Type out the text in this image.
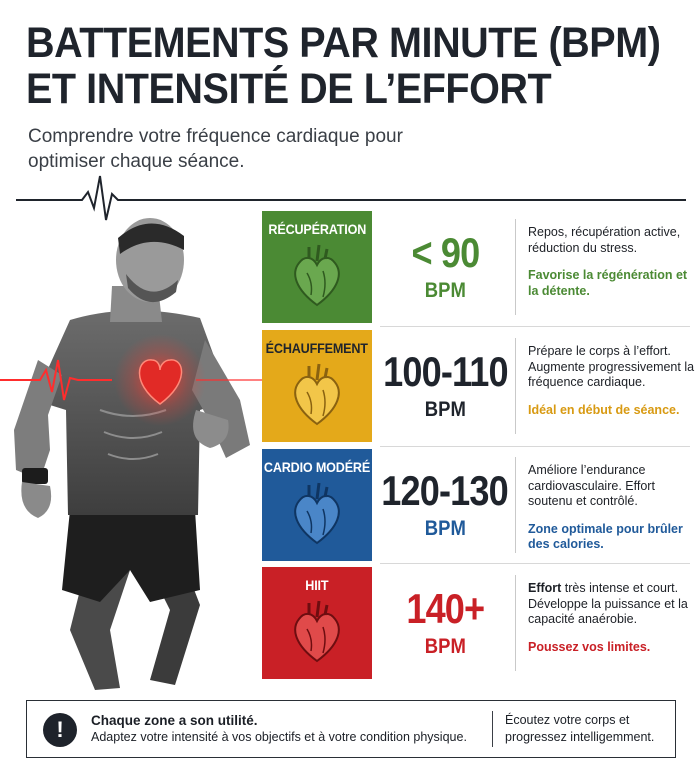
BATTEMENTS PAR MINUTE (BPM)
ET INTENSITÉ DE L’EFFORT
Comprendre votre fréquence cardiaque pour optimiser chaque séance.
RÉCUPÉRATION < 90
BPM
Repos, récupération active, réduction du stress.
Favorise la régénération et la détente.
ÉCHAUFFEMENT 100-110
BPM
Prépare le corps à l’effort. Augmente progressivement la fréquence cardiaque.
Idéal en début de séance.
CARDIO MODÉRÉ 120-130
BPM
Améliore l’endurance cardiovasculaire. Effort soutenu et contrôlé.
Zone optimale pour brûler des calories.
HIIT 140+
BPM
Effort très intense et court. Développe la puissance et la capacité anaérobie.
Poussez vos limites.
!	Chaque zone a son utilité.
Adaptez votre intensité à vos objectifs et à votre condition physique.
Écoutez votre corps et progressez intelligemment.
